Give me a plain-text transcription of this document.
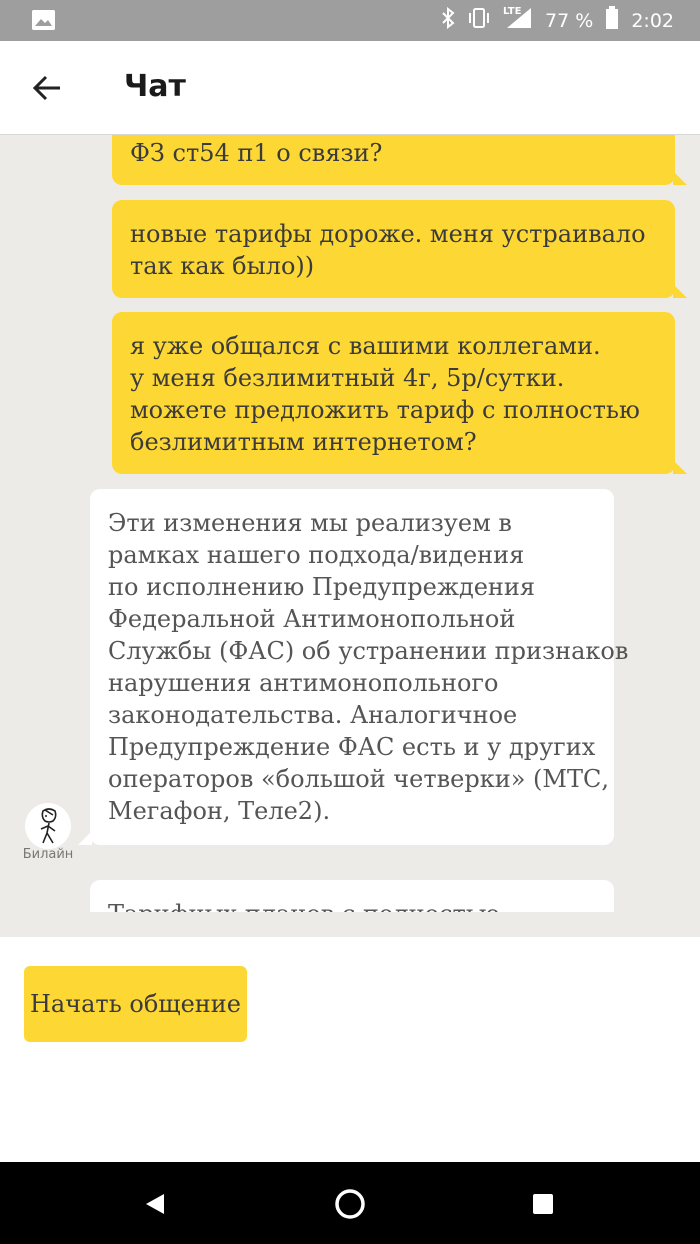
LTE 77 % 2:02
Чат
ФЗ ст54 п1 о связи?
новые тарифы дороже. меня устраивало
так как было))
я уже общался с вашими коллегами.
у меня безлимитный 4г, 5р/сутки.
можете предложить тариф с полностью
безлимитным интернетом?
Эти изменения мы реализуем в
рамках нашего подхода/видения
по исполнению Предупреждения
Федеральной Антимонопольной
Службы (ФАС) об устранении признаков
нарушения антимонопольного
законодательства. Аналогичное
Предупреждение ФАС есть и у других
операторов «большой четверки» (МТС,
Мегафон, Теле2).
Билайн
Начать общение
